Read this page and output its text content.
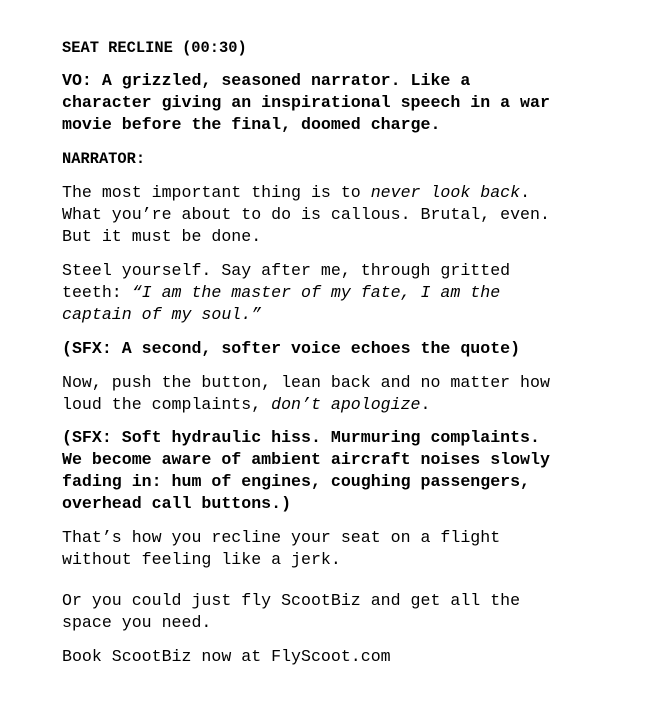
SEAT RECLINE (00:30)
VO: A grizzled, seasoned narrator. Like a
character giving an inspirational speech in a war
movie before the final, doomed charge.
NARRATOR:
The most important thing is to never look back.
What you’re about to do is callous. Brutal, even.
But it must be done.
Steel yourself. Say after me, through gritted
teeth: “I am the master of my fate, I am the
captain of my soul.”
(SFX: A second, softer voice echoes the quote)
Now, push the button, lean back and no matter how
loud the complaints, don’t apologize.
(SFX: Soft hydraulic hiss. Murmuring complaints.
We become aware of ambient aircraft noises slowly
fading in: hum of engines, coughing passengers,
overhead call buttons.)
That’s how you recline your seat on a flight
without feeling like a jerk.
Or you could just fly ScootBiz and get all the
space you need.
Book ScootBiz now at FlyScoot.com
